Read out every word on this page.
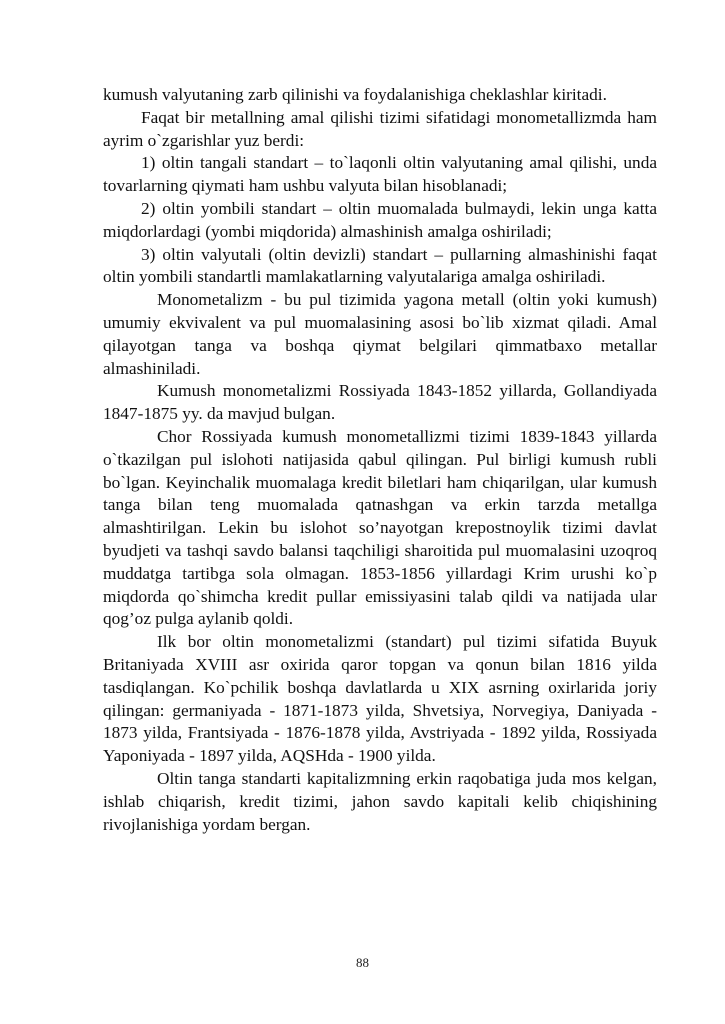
kumush valyutaning zarb qilinishi va foydalanishiga cheklashlar kiritadi.

Faqat bir metallning amal qilishi tizimi sifatidagi monometallizmda ham ayrim o`zgarishlar yuz berdi:

1) oltin tangali standart – to`laqonli oltin valyutaning amal qilishi, unda tovarlarning qiymati ham ushbu valyuta bilan hisoblanadi;

2) oltin yombili standart – oltin muomalada bulmaydi, lekin unga katta miqdorlardagi (yombi miqdorida) almashinish amalga oshiriladi;

3) oltin valyutali (oltin devizli) standart – pullarning almashinishi faqat oltin yombili standartli mamlakatlarning valyutalariga amalga oshiriladi.

Monometalizm - bu pul tizimida yagona metall (oltin yoki kumush) umumiy ekvivalent va pul muomalasining asosi bo`lib xizmat qiladi. Amal qilayotgan tanga va boshqa qiymat belgilari qimmatbaxo metallar almashiniladi.

Kumush monometalizmi Rossiyada 1843-1852 yillarda, Gollandiyada 1847-1875 yy. da mavjud bulgan.

Chor Rossiyada kumush monometallizmi tizimi 1839-1843 yillarda o`tkazilgan pul islohoti natijasida qabul qilingan. Pul birligi kumush rubli bo`lgan. Keyinchalik muomalaga kredit biletlari ham chiqarilgan, ular kumush tanga bilan teng muomalada qatnashgan va erkin tarzda metallga almashtirilgan. Lekin bu islohot so’nayotgan krepostnoylik tizimi davlat byudjeti va tashqi savdo balansi taqchiligi sharoitida pul muomalasini uzoqroq muddatga tartibga sola olmagan. 1853-1856 yillardagi Krim urushi ko`p miqdorda qo`shimcha kredit pullar emissiyasini talab qildi va natijada ular qog’oz pulga aylanib qoldi.

Ilk bor oltin monometalizmi (standart) pul tizimi sifatida Buyuk Britaniyada XVIII asr oxirida qaror topgan va qonun bilan 1816 yilda tasdiqlangan. Ko`pchilik boshqa davlatlarda u XIX asrning oxirlarida joriy qilingan: germaniyada - 1871-1873 yilda, Shvetsiya, Norvegiya, Daniyada - 1873 yilda, Frantsiyada - 1876-1878 yilda, Avstriyada - 1892 yilda, Rossiyada Yaponiyada - 1897 yilda, AQSHda - 1900 yilda.

Oltin tanga standarti kapitalizmning erkin raqobatiga juda mos kelgan, ishlab chiqarish, kredit tizimi, jahon savdo kapitali kelib chiqishining rivojlanishiga yordam bergan.

88
